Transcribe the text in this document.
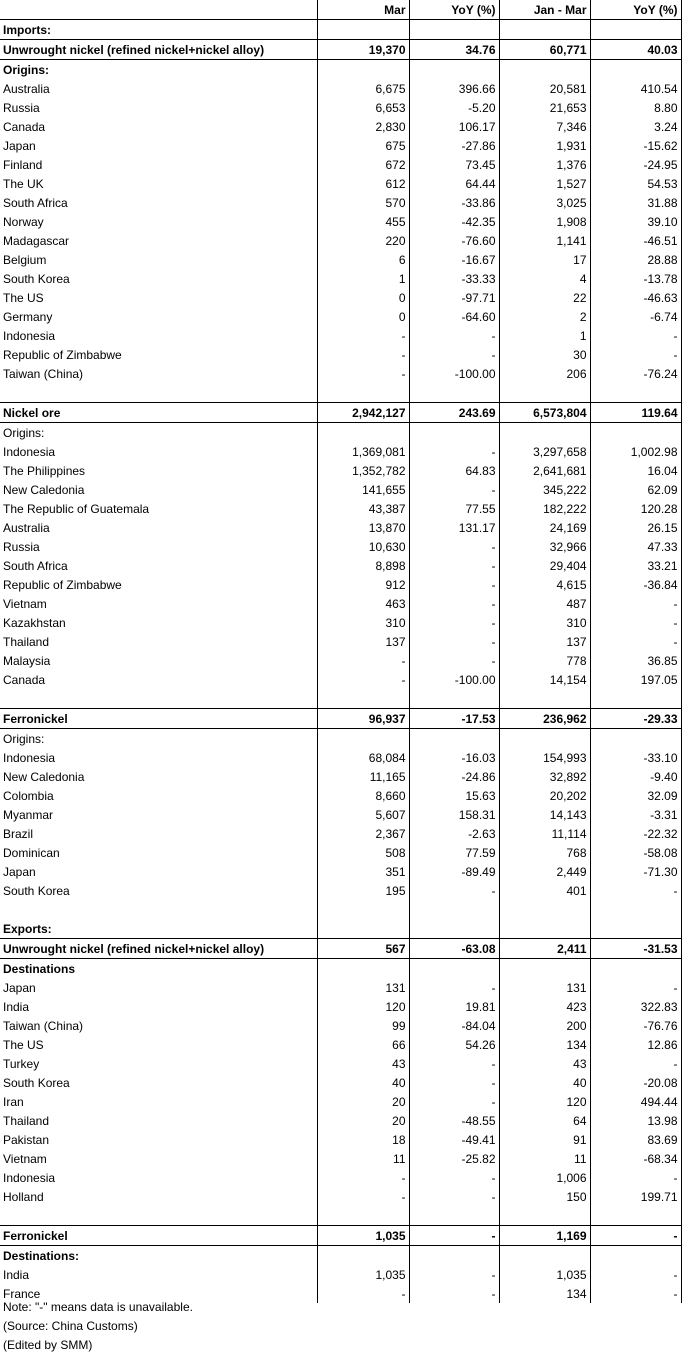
	Mar	YoY (%)	Jan - Mar	YoY (%)
Imports:				
Unwrought nickel (refined nickel+nickel alloy)	19,370	34.76	60,771	40.03
Origins:				
Australia	6,675	396.66	20,581	410.54
Russia	6,653	-5.20	21,653	8.80
Canada	2,830	106.17	7,346	3.24
Japan	675	-27.86	1,931	-15.62
Finland	672	73.45	1,376	-24.95
The UK	612	64.44	1,527	54.53
South Africa	570	-33.86	3,025	31.88
Norway	455	-42.35	1,908	39.10
Madagascar	220	-76.60	1,141	-46.51
Belgium	6	-16.67	17	28.88
South Korea	1	-33.33	4	-13.78
The US	0	-97.71	22	-46.63
Germany	0	-64.60	2	-6.74
Indonesia	-	-	1	-
Republic of Zimbabwe	-	-	30	-
Taiwan (China)	-	-100.00	206	-76.24

Nickel ore	2,942,127	243.69	6,573,804	119.64
Origins:				
Indonesia	1,369,081	-	3,297,658	1,002.98
The Philippines	1,352,782	64.83	2,641,681	16.04
New Caledonia	141,655	-	345,222	62.09
The Republic of Guatemala	43,387	77.55	182,222	120.28
Australia	13,870	131.17	24,169	26.15
Russia	10,630	-	32,966	47.33
South Africa	8,898	-	29,404	33.21
Republic of Zimbabwe	912	-	4,615	-36.84
Vietnam	463	-	487	-
Kazakhstan	310	-	310	-
Thailand	137	-	137	-
Malaysia	-	-	778	36.85
Canada	-	-100.00	14,154	197.05

Ferronickel	96,937	-17.53	236,962	-29.33
Origins:				
Indonesia	68,084	-16.03	154,993	-33.10
New Caledonia	11,165	-24.86	32,892	-9.40
Colombia	8,660	15.63	20,202	32.09
Myanmar	5,607	158.31	14,143	-3.31
Brazil	2,367	-2.63	11,114	-22.32
Dominican	508	77.59	768	-58.08
Japan	351	-89.49	2,449	-71.30
South Korea	195	-	401	-

Exports:				
Unwrought nickel (refined nickel+nickel alloy)	567	-63.08	2,411	-31.53
Destinations				
Japan	131	-	131	-
India	120	19.81	423	322.83
Taiwan (China)	99	-84.04	200	-76.76
The US	66	54.26	134	12.86
Turkey	43	-	43	-
South Korea	40	-	40	-20.08
Iran	20	-	120	494.44
Thailand	20	-48.55	64	13.98
Pakistan	18	-49.41	91	83.69
Vietnam	11	-25.82	11	-68.34
Indonesia	-	-	1,006	-
Holland	-	-	150	199.71

Ferronickel	1,035	-	1,169	-
Destinations:				
India	1,035	-	1,035	-
France	-	-	134	-
Note: "-" means data is unavailable.
(Source: China Customs)
(Edited by SMM)
